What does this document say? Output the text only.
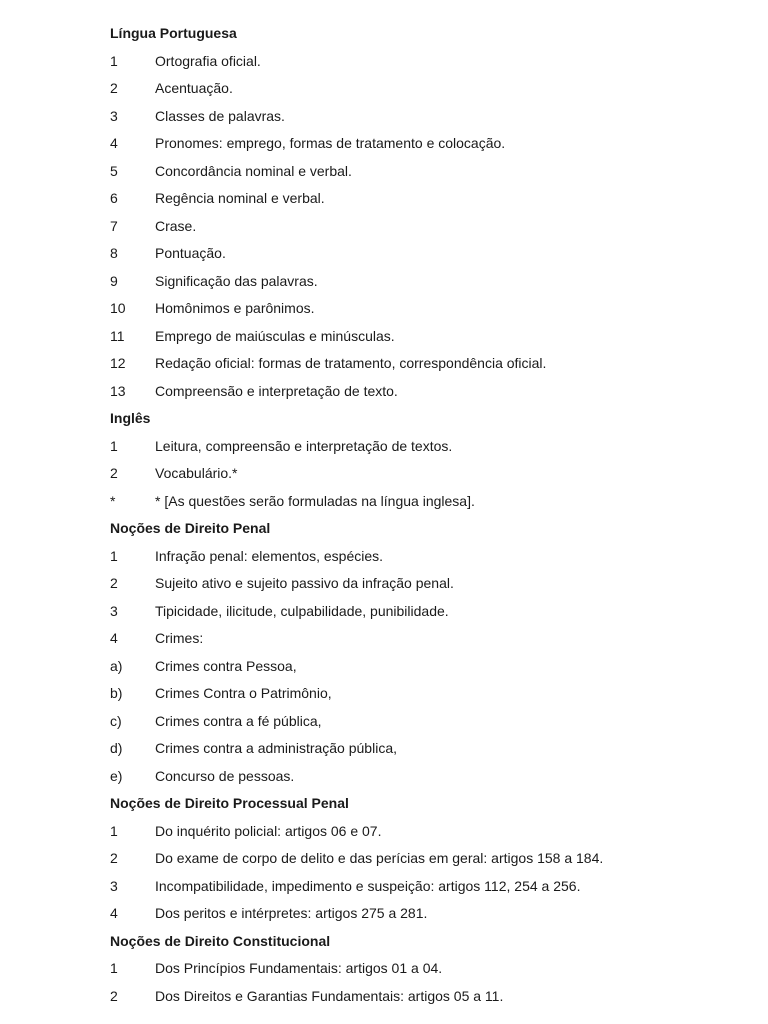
Língua Portuguesa
1	Ortografia oficial.
2	Acentuação.
3	Classes de palavras.
4	Pronomes: emprego, formas de tratamento e colocação.
5	Concordância nominal e verbal.
6	Regência nominal e verbal.
7	Crase.
8	Pontuação.
9	Significação das palavras.
10 Homônimos e parônimos.
11 Emprego de maiúsculas e minúsculas.
12 Redação oficial: formas de tratamento, correspondência oficial.
13 Compreensão e interpretação de texto.
Inglês
1	Leitura, compreensão e interpretação de textos.
2	Vocabulário.*
*	* [As questões serão formuladas na língua inglesa].
Noções de Direito Penal
1	Infração penal: elementos, espécies.
2	Sujeito ativo e sujeito passivo da infração penal.
3	Tipicidade, ilicitude, culpabilidade, punibilidade.
4	Crimes:
a) Crimes contra Pessoa,
b) Crimes Contra o Patrimônio,
c) Crimes contra a fé pública,
d) Crimes contra a administração pública,
e) Concurso de pessoas.
Noções de Direito Processual Penal
1	Do inquérito policial: artigos 06 e 07.
2	Do exame de corpo de delito e das perícias em geral: artigos 158 a 184.
3	Incompatibilidade, impedimento e suspeição: artigos 112, 254 a 256.
4	Dos peritos e intérpretes: artigos 275 a 281.
Noções de Direito Constitucional
1	Dos Princípios Fundamentais: artigos 01 a 04.
2	Dos Direitos e Garantias Fundamentais: artigos 05 a 11.
